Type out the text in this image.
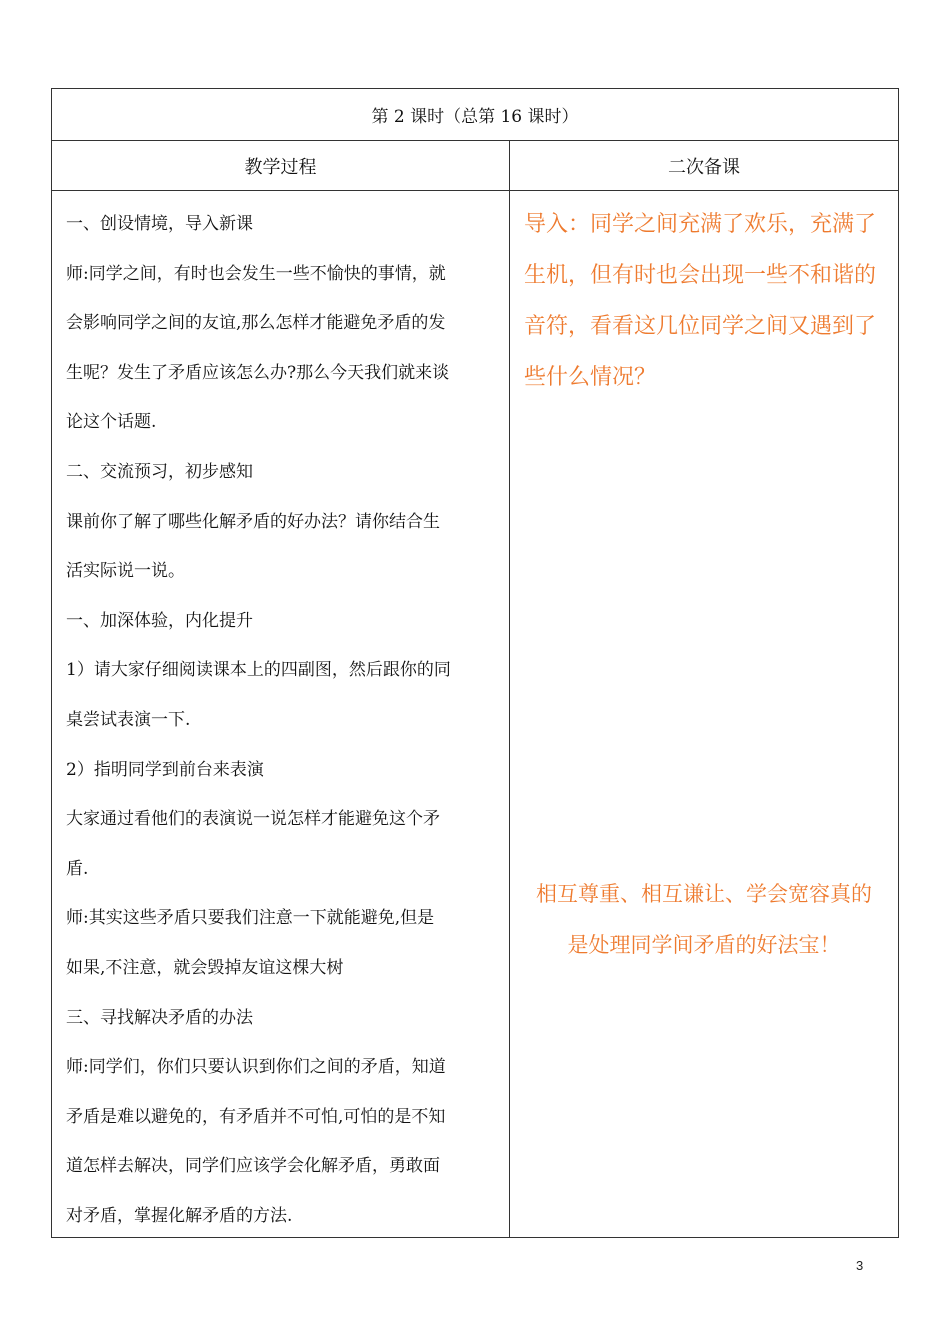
第 2 课时（总第 16 课时）
教学过程	二次备课
一、创设情境，导入新课
师:同学之间，有时也会发生一些不愉快的事情，就
会影响同学之间的友谊,那么怎样才能避免矛盾的发
生呢？发生了矛盾应该怎么办?那么今天我们就来谈
论这个话题.
二、交流预习，初步感知
课前你了解了哪些化解矛盾的好办法？请你结合生
活实际说一说。
一、加深体验，内化提升
1）请大家仔细阅读课本上的四副图，然后跟你的同
桌尝试表演一下.
2）指明同学到前台来表演
大家通过看他们的表演说一说怎样才能避免这个矛
盾.
师:其实这些矛盾只要我们注意一下就能避免,但是
如果,不注意，就会毁掉友谊这棵大树
三、寻找解决矛盾的办法
师:同学们，你们只要认识到你们之间的矛盾，知道
矛盾是难以避免的，有矛盾并不可怕,可怕的是不知
道怎样去解决，同学们应该学会化解矛盾，勇敢面
对矛盾，掌握化解矛盾的方法.
导入：同学之间充满了欢乐，充满了
生机，但有时也会出现一些不和谐的
音符，看看这几位同学之间又遇到了
些什么情况？
相互尊重、相互谦让、学会宽容真的
是处理同学间矛盾的好法宝！
3
